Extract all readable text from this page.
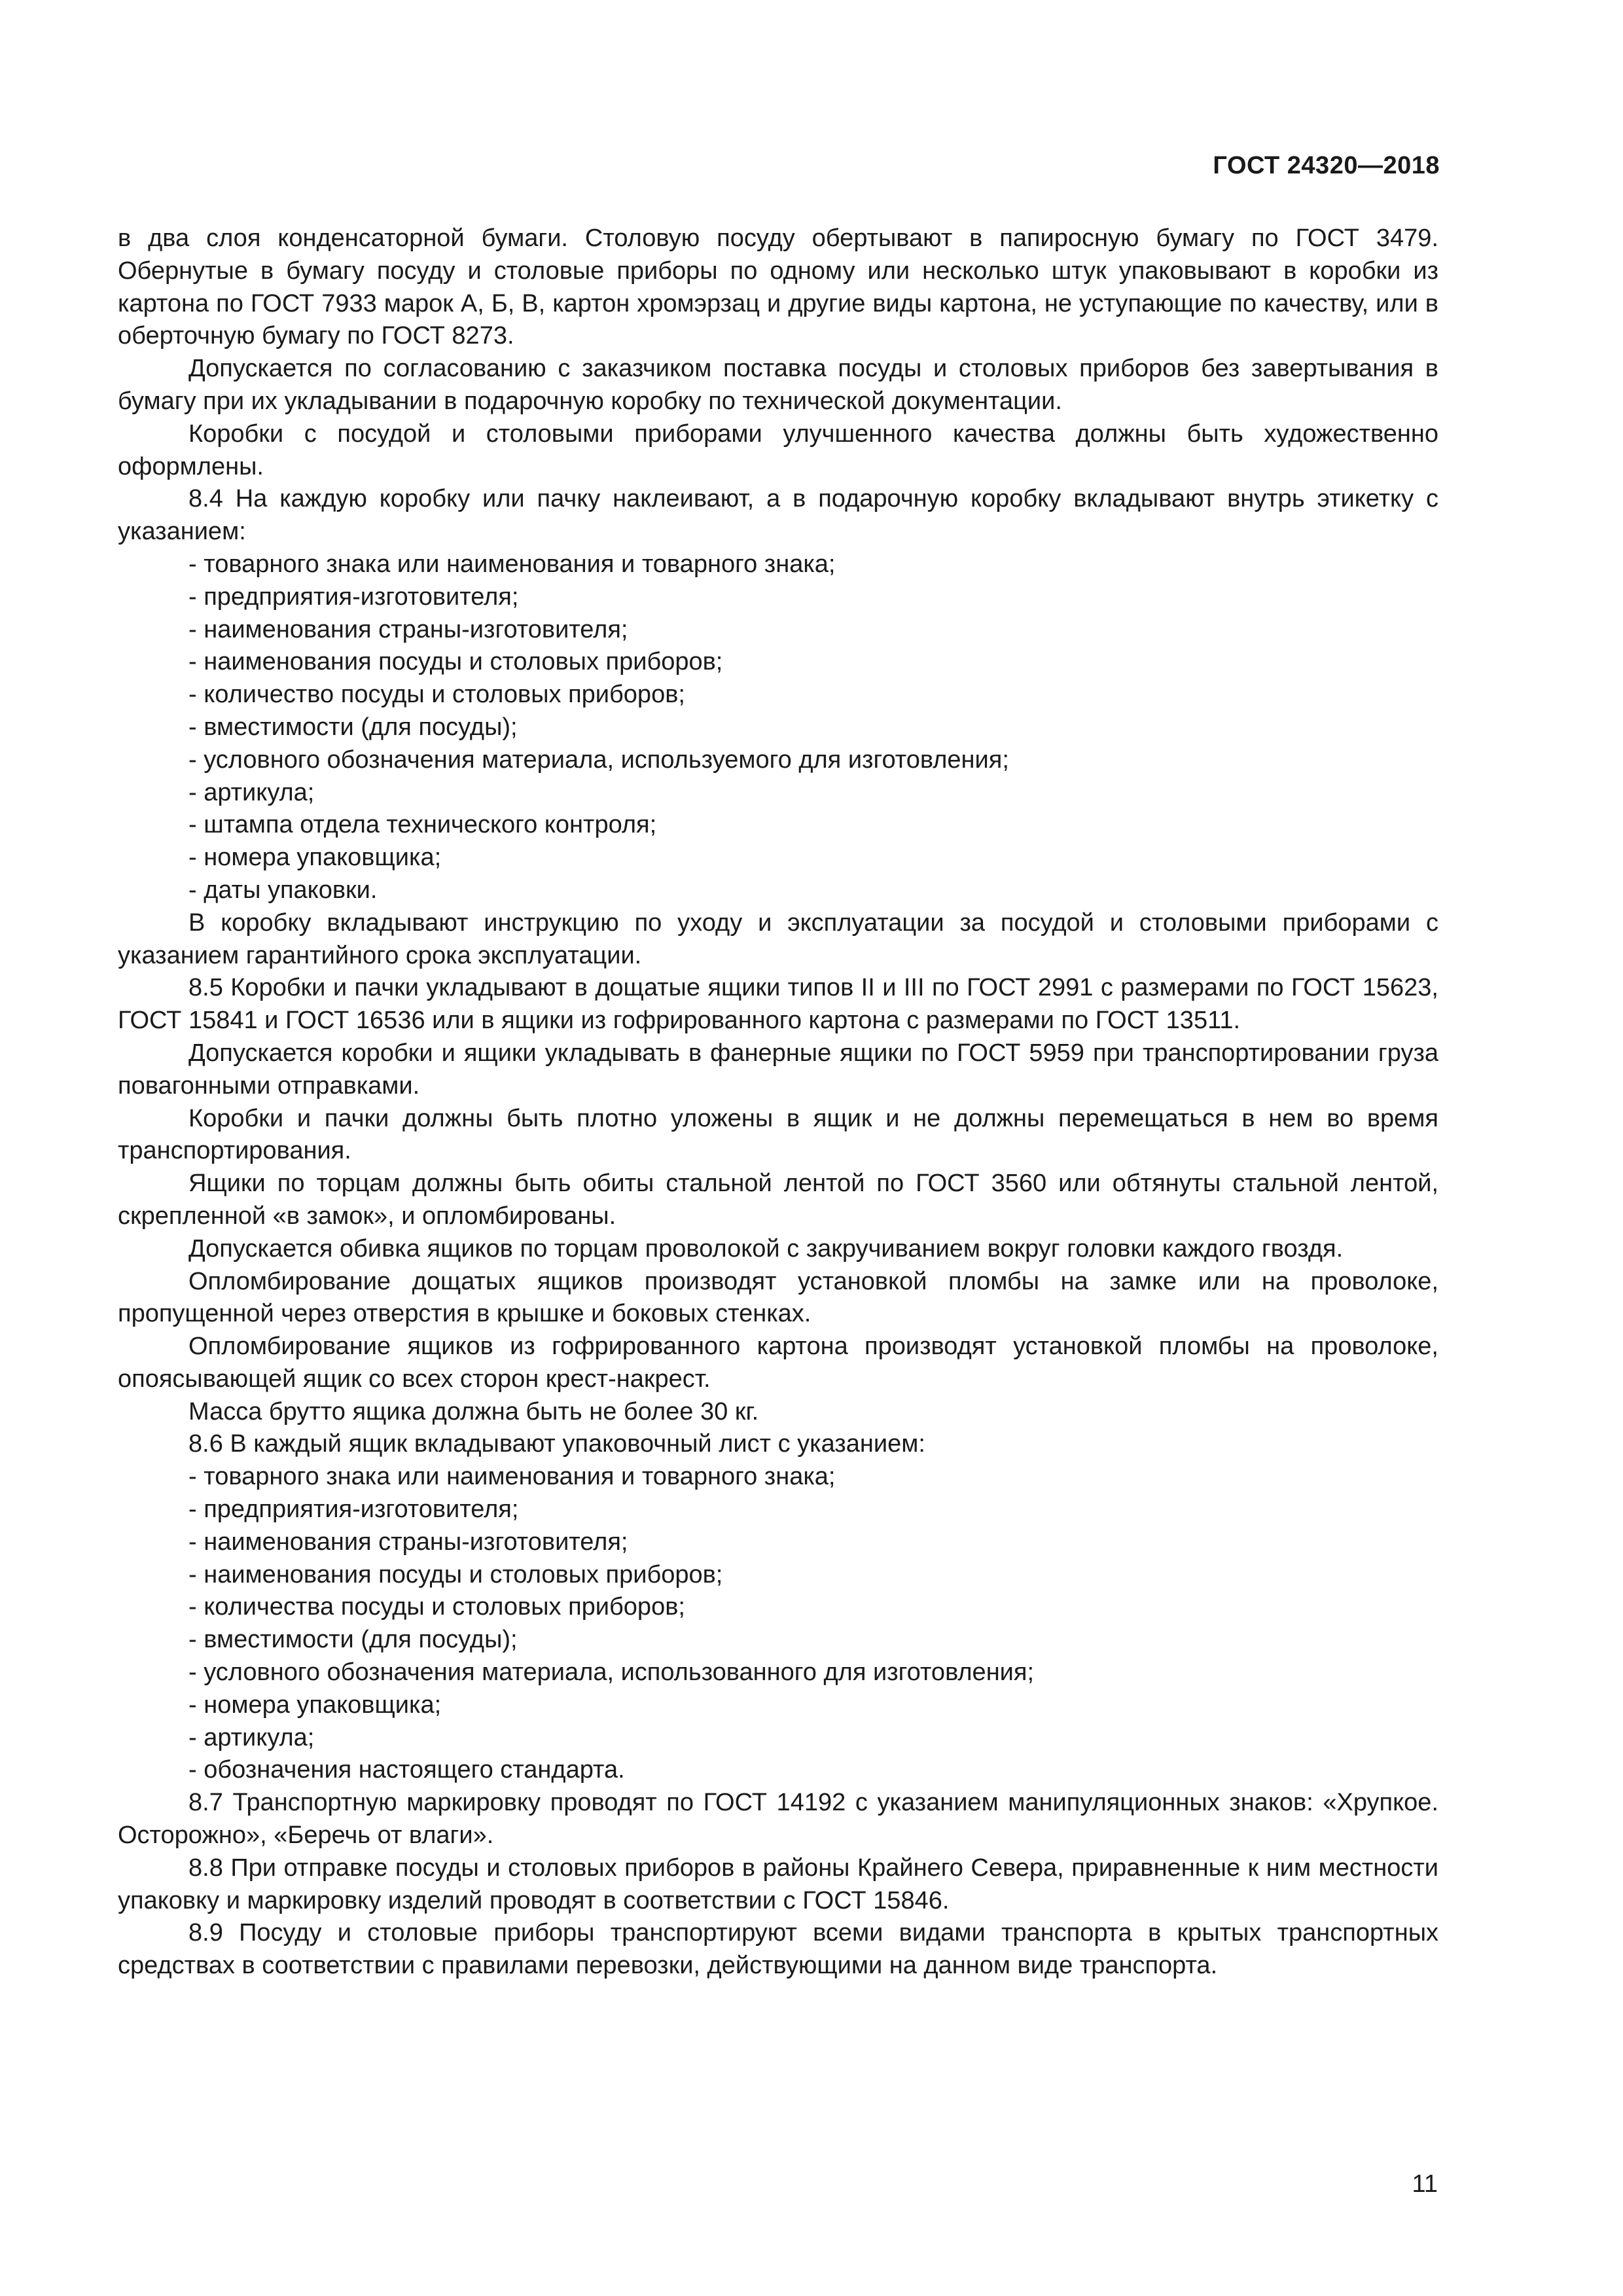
ГОСТ 24320—2018

в два слоя конденсаторной бумаги. Столовую посуду обертывают в папиросную бумагу по ГОСТ 3479. Обернутые в бумагу посуду и столовые приборы по одному или несколько штук упаковывают в коробки из картона по ГОСТ 7933 марок А, Б, В, картон хромэрзац и другие виды картона, не уступающие по качеству, или в оберточную бумагу по ГОСТ 8273.

Допускается по согласованию с заказчиком поставка посуды и столовых приборов без завертывания в бумагу при их укладывании в подарочную коробку по технической документации.

Коробки с посудой и столовыми приборами улучшенного качества должны быть художественно оформлены.

8.4 На каждую коробку или пачку наклеивают, а в подарочную коробку вкладывают внутрь этикетку с указанием:

- товарного знака или наименования и товарного знака;
- предприятия-изготовителя;
- наименования страны-изготовителя;
- наименования посуды и столовых приборов;
- количество посуды и столовых приборов;
- вместимости (для посуды);
- условного обозначения материала, используемого для изготовления;
- артикула;
- штампа отдела технического контроля;
- номера упаковщика;
- даты упаковки.

В коробку вкладывают инструкцию по уходу и эксплуатации за посудой и столовыми приборами с указанием гарантийного срока эксплуатации.

8.5 Коробки и пачки укладывают в дощатые ящики типов II и III по ГОСТ 2991 с размерами по ГОСТ 15623, ГОСТ 15841 и ГОСТ 16536 или в ящики из гофрированного картона с размерами по ГОСТ 13511.

Допускается коробки и ящики укладывать в фанерные ящики по ГОСТ 5959 при транспортировании груза повагонными отправками.

Коробки и пачки должны быть плотно уложены в ящик и не должны перемещаться в нем во время транспортирования.

Ящики по торцам должны быть обиты стальной лентой по ГОСТ 3560 или обтянуты стальной лентой, скрепленной «в замок», и опломбированы.

Допускается обивка ящиков по торцам проволокой с закручиванием вокруг головки каждого гвоздя.

Опломбирование дощатых ящиков производят установкой пломбы на замке или на проволоке, пропущенной через отверстия в крышке и боковых стенках.

Опломбирование ящиков из гофрированного картона производят установкой пломбы на проволоке, опоясывающей ящик со всех сторон крест-накрест.

Масса брутто ящика должна быть не более 30 кг.

8.6 В каждый ящик вкладывают упаковочный лист с указанием:

- товарного знака или наименования и товарного знака;
- предприятия-изготовителя;
- наименования страны-изготовителя;
- наименования посуды и столовых приборов;
- количества посуды и столовых приборов;
- вместимости (для посуды);
- условного обозначения материала, использованного для изготовления;
- номера упаковщика;
- артикула;
- обозначения настоящего стандарта.

8.7 Транспортную маркировку проводят по ГОСТ 14192 с указанием манипуляционных знаков: «Хрупкое. Осторожно», «Беречь от влаги».

8.8 При отправке посуды и столовых приборов в районы Крайнего Севера, приравненные к ним местности упаковку и маркировку изделий проводят в соответствии с ГОСТ 15846.

8.9 Посуду и столовые приборы транспортируют всеми видами транспорта в крытых транспортных средствах в соответствии с правилами перевозки, действующими на данном виде транспорта.

11
